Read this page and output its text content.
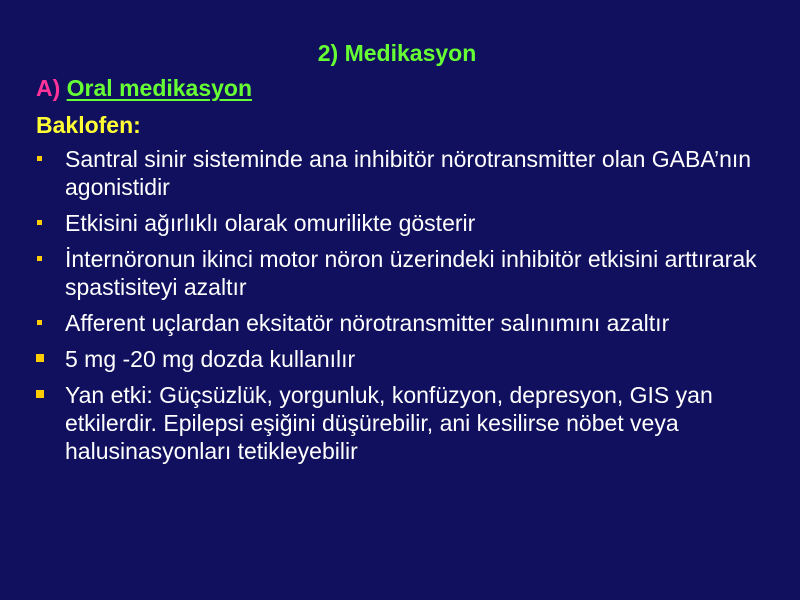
2) Medikasyon
A) Oral medikasyon
Baklofen:
Santral sinir sisteminde ana inhibitör nörotransmitter olan GABA’nın agonistidir
Etkisini ağırlıklı olarak omurilikte gösterir
İnternöronun ikinci motor nöron üzerindeki inhibitör etkisini arttırarak spastisiteyi azaltır
Afferent uçlardan eksitatör nörotransmitter salınımını azaltır
5 mg -20 mg dozda kullanılır
Yan etki: Güçsüzlük, yorgunluk, konfüzyon, depresyon, GIS yan etkilerdir. Epilepsi eşiğini düşürebilir, ani kesilirse nöbet veya halusinasyonları tetikleyebilir
